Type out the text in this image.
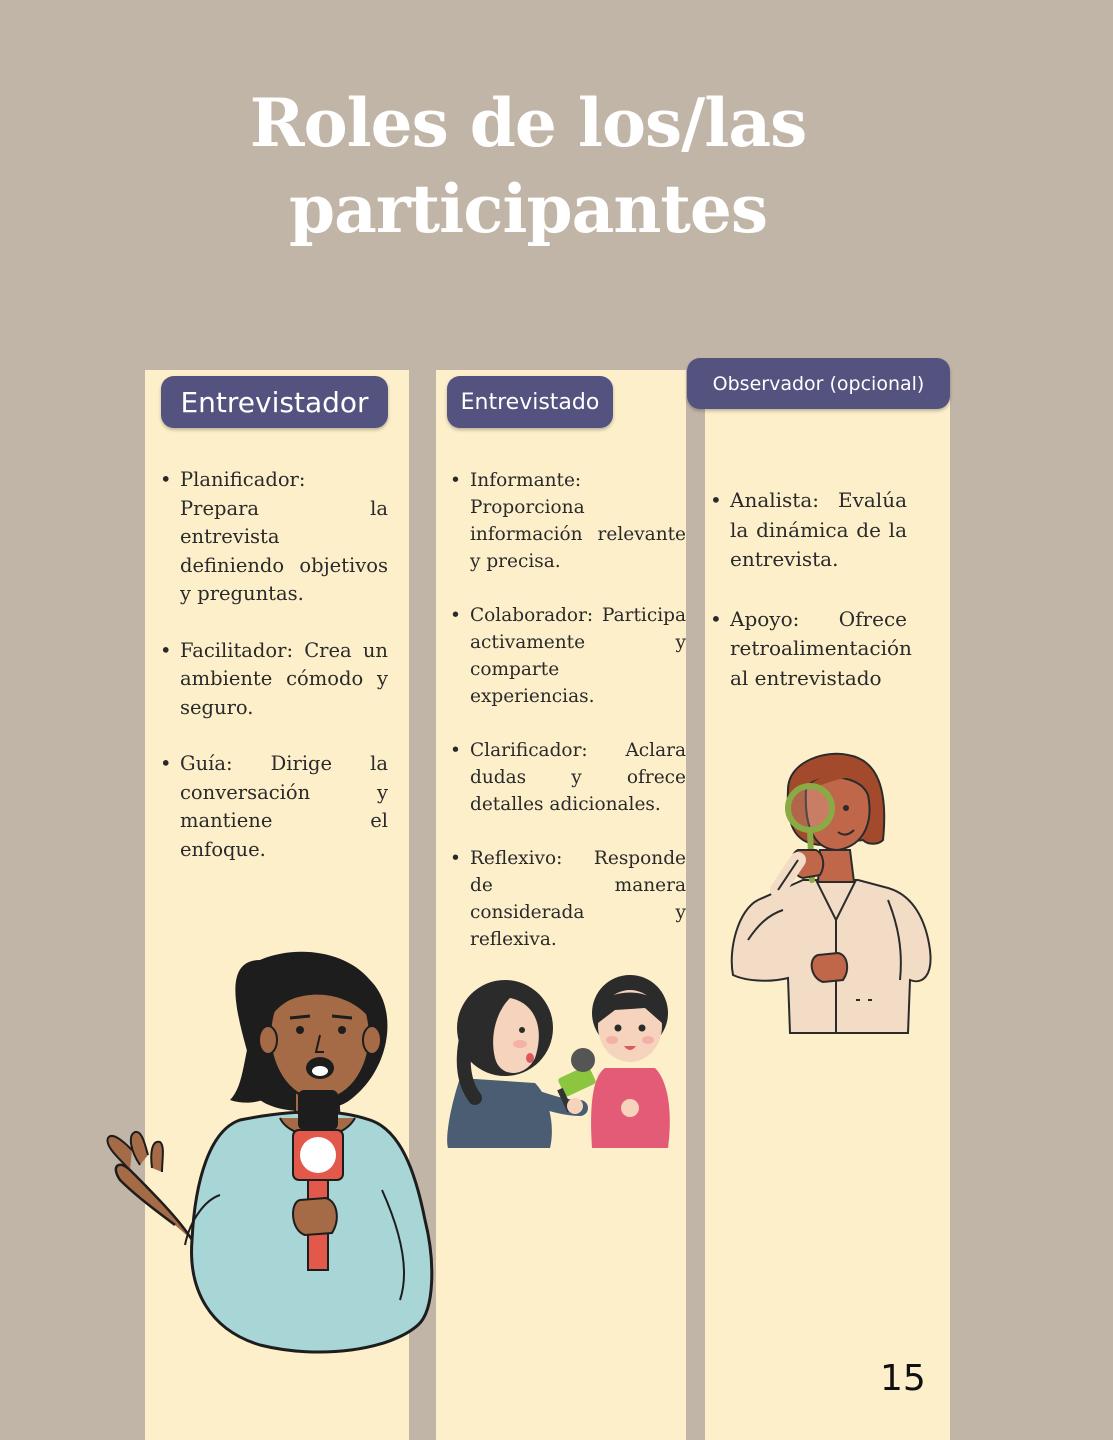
Roles de los/las
participantes
Entrevistador	Entrevistado
Observador (opcional)
• Planificador: Prepara la entrevista definiendo objetivos y preguntas.
• Facilitador: Crea un ambiente cómodo y seguro.
• Guía: Dirige la conversación y mantiene el enfoque.
• Informante: Proporciona información relevante y precisa.
• Colaborador: Participa activamente y comparte experiencias.
• Clarificador: Aclara dudas y ofrece detalles adicionales.
• Reflexivo: Responde de manera considerada y reflexiva.
• Analista: Evalúa la dinámica de la entrevista.
• Apoyo: Ofrece retroalimentación al entrevistado
15
